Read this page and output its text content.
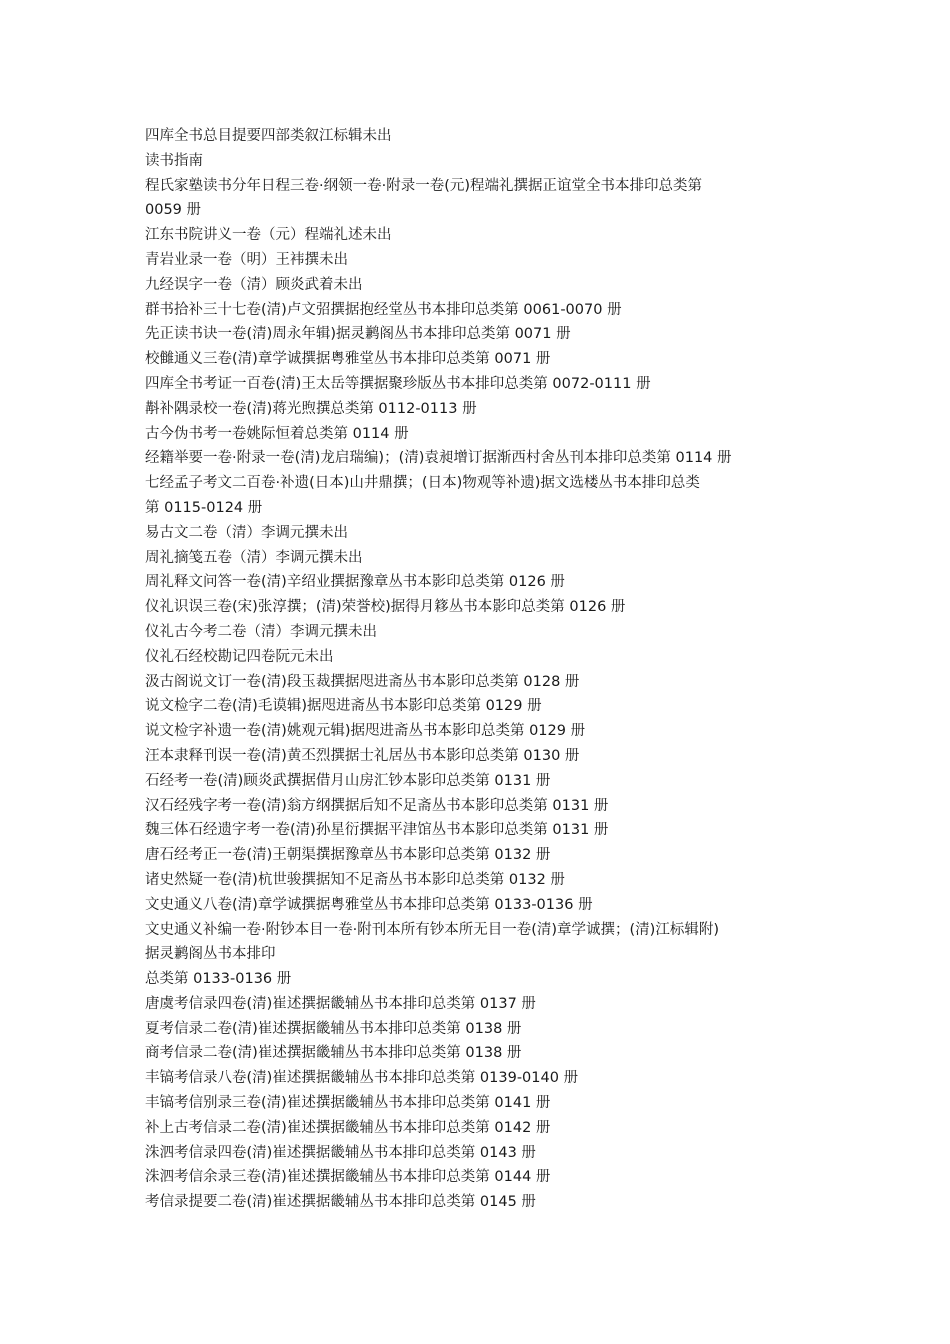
四库全书总目提要四部类叙江标辑未出
读书指南
程氏家塾读书分年日程三卷·纲领一卷·附录一卷(元)程端礼撰据正谊堂全书本排印总类第
0059 册
江东书院讲义一卷（元）程端礼述未出
青岩业录一卷（明）王袆撰未出
九经误字一卷（清）顾炎武着未出
群书拾补三十七卷(清)卢文弨撰据抱经堂丛书本排印总类第 0061-0070 册
先正读书诀一卷(清)周永年辑)据灵鹣阁丛书本排印总类第 0071 册
校雠通义三卷(清)章学诚撰据粤雅堂丛书本排印总类第 0071 册
四库全书考证一百卷(清)王太岳等撰据聚珍版丛书本排印总类第 0072-0111 册
斠补隅录校一卷(清)蒋光煦撰总类第 0112-0113 册
古今伪书考一卷姚际恒着总类第 0114 册
经籍举要一卷·附录一卷(清)龙启瑞编)；(清)袁昶增订据渐西村舍丛刊本排印总类第 0114 册
七经孟子考文二百卷·补遗(日本)山井鼎撰；(日本)物观等补遗)据文选楼丛书本排印总类
第 0115-0124 册
易古文二卷（清）李调元撰未出
周礼摘笺五卷（清）李调元撰未出
周礼释文问答一卷(清)辛绍业撰据豫章丛书本影印总类第 0126 册
仪礼识误三卷(宋)张淳撰；(清)荣誉校)据得月簃丛书本影印总类第 0126 册
仪礼古今考二卷（清）李调元撰未出
仪礼石经校勘记四卷阮元未出
汲古阁说文订一卷(清)段玉裁撰据咫进斋丛书本影印总类第 0128 册
说文检字二卷(清)毛谟辑)据咫进斋丛书本影印总类第 0129 册
说文检字补遗一卷(清)姚观元辑)据咫进斋丛书本影印总类第 0129 册
汪本隶释刊误一卷(清)黄丕烈撰据士礼居丛书本影印总类第 0130 册
石经考一卷(清)顾炎武撰据借月山房汇钞本影印总类第 0131 册
汉石经残字考一卷(清)翁方纲撰据后知不足斋丛书本影印总类第 0131 册
魏三体石经遗字考一卷(清)孙星衍撰据平津馆丛书本影印总类第 0131 册
唐石经考正一卷(清)王朝渠撰据豫章丛书本影印总类第 0132 册
诸史然疑一卷(清)杭世骏撰据知不足斋丛书本影印总类第 0132 册
文史通义八卷(清)章学诚撰据粤雅堂丛书本排印总类第 0133-0136 册
文史通义补编一卷·附钞本目一卷·附刊本所有钞本所无目一卷(清)章学诚撰；(清)江标辑附)
据灵鹣阁丛书本排印
总类第 0133-0136 册
唐虞考信录四卷(清)崔述撰据畿辅丛书本排印总类第 0137 册
夏考信录二卷(清)崔述撰据畿辅丛书本排印总类第 0138 册
商考信录二卷(清)崔述撰据畿辅丛书本排印总类第 0138 册
丰镐考信录八卷(清)崔述撰据畿辅丛书本排印总类第 0139-0140 册
丰镐考信别录三卷(清)崔述撰据畿辅丛书本排印总类第 0141 册
补上古考信录二卷(清)崔述撰据畿辅丛书本排印总类第 0142 册
洙泗考信录四卷(清)崔述撰据畿辅丛书本排印总类第 0143 册
洙泗考信余录三卷(清)崔述撰据畿辅丛书本排印总类第 0144 册
考信录提要二卷(清)崔述撰据畿辅丛书本排印总类第 0145 册
